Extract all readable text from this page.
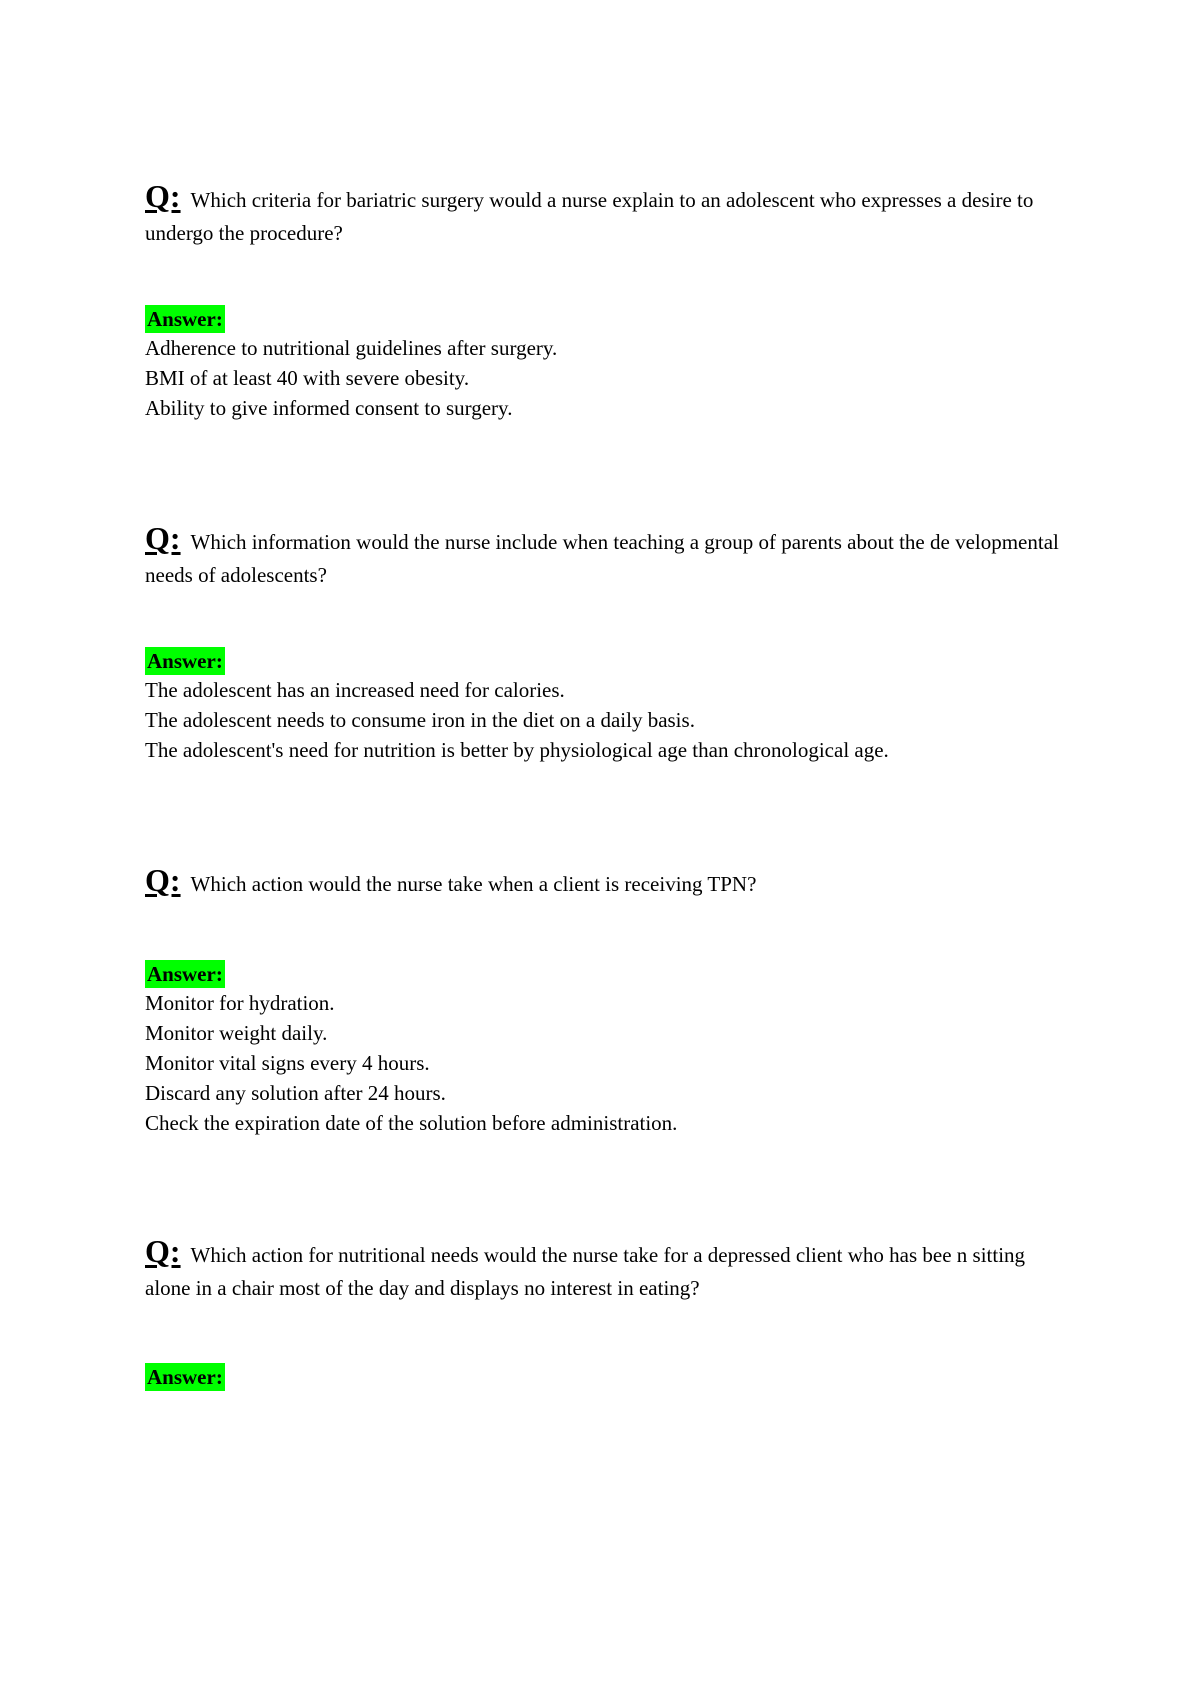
Q: Which criteria for bariatric surgery would a nurse explain to an adolescent who expresses a desire to undergo the procedure?
Answer:
Adherence to nutritional guidelines after surgery.
BMI of at least 40 with severe obesity.
Ability to give informed consent to surgery.
Q: Which information would the nurse include when teaching a group of parents about the de velopmental needs of adolescents?
Answer:
The adolescent has an increased need for calories.
The adolescent needs to consume iron in the diet on a daily basis.
The adolescent's need for nutrition is better by physiological age than chronological age.
Q: Which action would the nurse take when a client is receiving TPN?
Answer:
Monitor for hydration.
Monitor weight daily.
Monitor vital signs every 4 hours.
Discard any solution after 24 hours.
Check the expiration date of the solution before administration.
Q: Which action for nutritional needs would the nurse take for a depressed client who has bee n sitting alone in a chair most of the day and displays no interest in eating?
Answer:
